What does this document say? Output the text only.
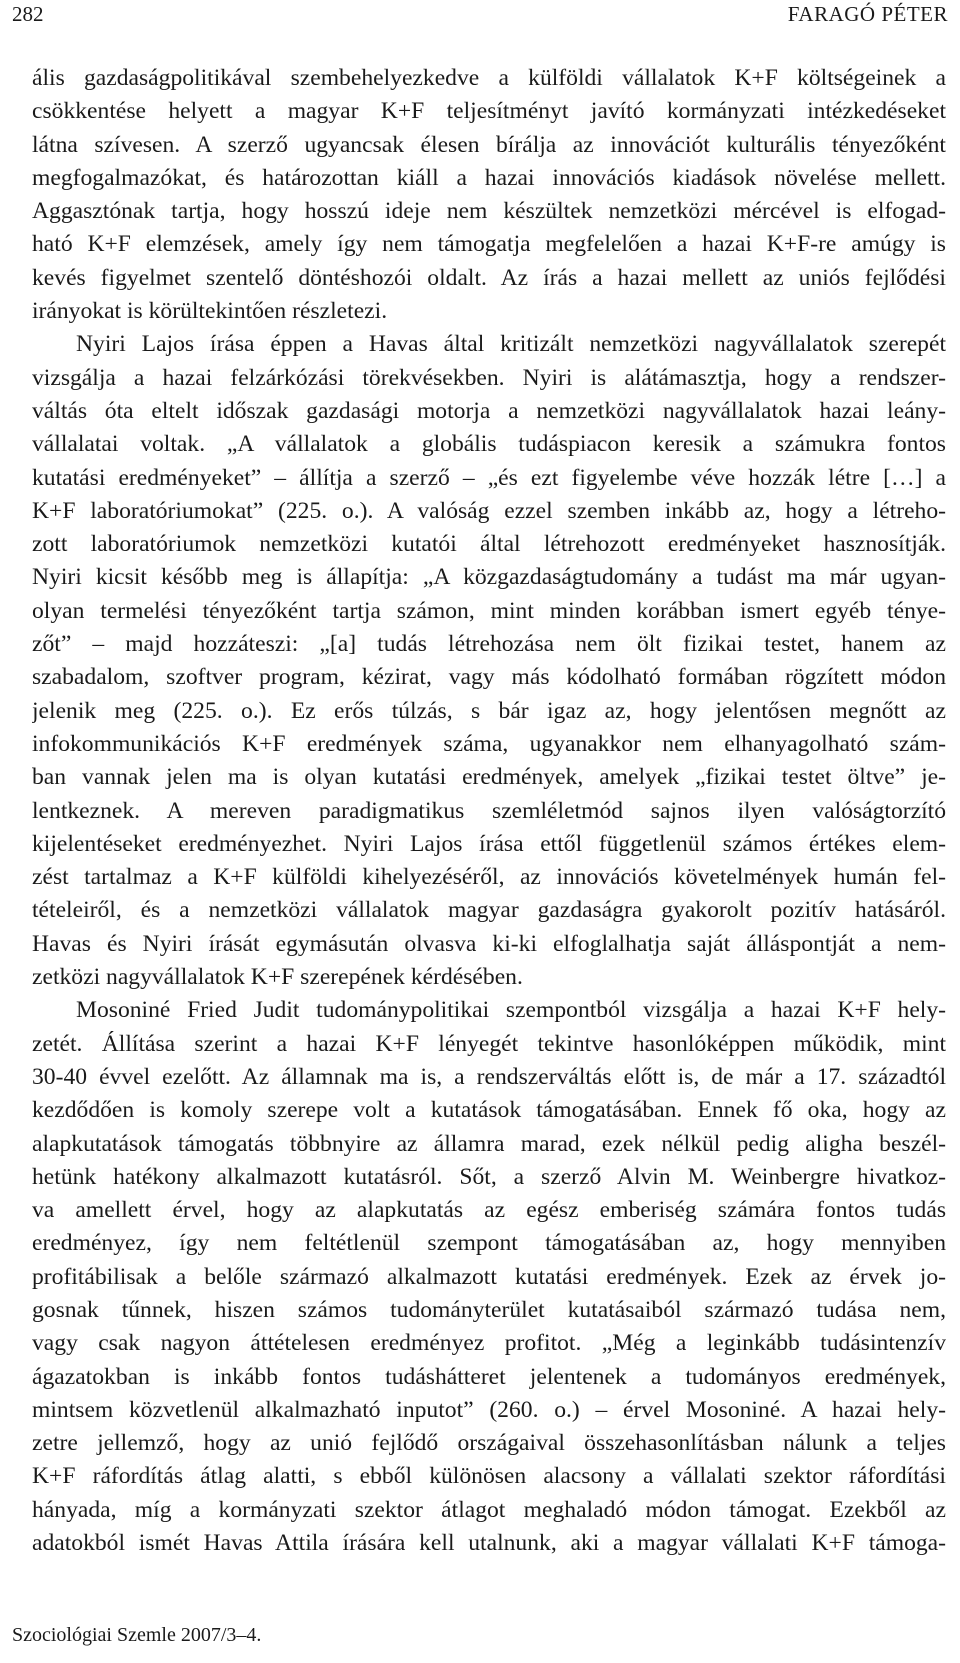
282	FARAGÓ PÉTER
ális gazdaságpolitikával szembehelyezkedve a külföldi vállalatok K+F költségeinek a
csökkentése helyett a magyar K+F teljesítményt javító kormányzati intézkedéseket
látna szívesen. A szerző ugyancsak élesen bírálja az innovációt kulturális tényezőként
megfogalmazókat, és határozottan kiáll a hazai innovációs kiadások növelése mellett.
Aggasztónak tartja, hogy hosszú ideje nem készültek nemzetközi mércével is elfogad-
ható K+F elemzések, amely így nem támogatja megfelelően a hazai K+F-re amúgy is
kevés figyelmet szentelő döntéshozói oldalt. Az írás a hazai mellett az uniós fejlődési
irányokat is körültekintően részletezi.
Nyiri Lajos írása éppen a Havas által kritizált nemzetközi nagyvállalatok szerepét
vizsgálja a hazai felzárkózási törekvésekben. Nyiri is alátámasztja, hogy a rendszer-
váltás óta eltelt időszak gazdasági motorja a nemzetközi nagyvállalatok hazai leány-
vállalatai voltak. „A vállalatok a globális tudáspiacon keresik a számukra fontos
kutatási eredményeket” – állítja a szerző – „és ezt figyelembe véve hozzák létre […] a
K+F laboratóriumokat” (225. o.). A valóság ezzel szemben inkább az, hogy a létreho-
zott laboratóriumok nemzetközi kutatói által létrehozott eredményeket hasznosítják.
Nyiri kicsit később meg is állapítja: „A közgazdaságtudomány a tudást ma már ugyan-
olyan termelési tényezőként tartja számon, mint minden korábban ismert egyéb ténye-
zőt” – majd hozzáteszi: „[a] tudás létrehozása nem ölt fizikai testet, hanem az
szabadalom, szoftver program, kézirat, vagy más kódolható formában rögzített módon
jelenik meg (225. o.). Ez erős túlzás, s bár igaz az, hogy jelentősen megnőtt az
infokommunikációs K+F eredmények száma, ugyanakkor nem elhanyagolható szám-
ban vannak jelen ma is olyan kutatási eredmények, amelyek „fizikai testet öltve” je-
lentkeznek. A mereven paradigmatikus szemléletmód sajnos ilyen valóságtorzító
kijelentéseket eredményezhet. Nyiri Lajos írása ettől függetlenül számos értékes elem-
zést tartalmaz a K+F külföldi kihelyezéséről, az innovációs követelmények humán fel-
tételeiről, és a nemzetközi vállalatok magyar gazdaságra gyakorolt pozitív hatásáról.
Havas és Nyiri írását egymásután olvasva ki-ki elfoglalhatja saját álláspontját a nem-
zetközi nagyvállalatok K+F szerepének kérdésében.
Mosoniné Fried Judit tudománypolitikai szempontból vizsgálja a hazai K+F hely-
zetét. Állítása szerint a hazai K+F lényegét tekintve hasonlóképpen működik, mint
30-40 évvel ezelőtt. Az államnak ma is, a rendszerváltás előtt is, de már a 17. századtól
kezdődően is komoly szerepe volt a kutatások támogatásában. Ennek fő oka, hogy az
alapkutatások támogatás többnyire az államra marad, ezek nélkül pedig aligha beszél-
hetünk hatékony alkalmazott kutatásról. Sőt, a szerző Alvin M. Weinbergre hivatkoz-
va amellett érvel, hogy az alapkutatás az egész emberiség számára fontos tudás
eredményez, így nem feltétlenül szempont támogatásában az, hogy mennyiben
profitábilisak a belőle származó alkalmazott kutatási eredmények. Ezek az érvek jo-
gosnak tűnnek, hiszen számos tudományterület kutatásaiból származó tudása nem,
vagy csak nagyon áttételesen eredményez profitot. „Még a leginkább tudásintenzív
ágazatokban is inkább fontos tudáshátteret jelentenek a tudományos eredmények,
mintsem közvetlenül alkalmazható inputot” (260. o.) – érvel Mosoniné. A hazai hely-
zetre jellemző, hogy az unió fejlődő országaival összehasonlításban nálunk a teljes
K+F ráfordítás átlag alatti, s ebből különösen alacsony a vállalati szektor ráfordítási
hányada, míg a kormányzati szektor átlagot meghaladó módon támogat. Ezekből az
adatokból ismét Havas Attila írására kell utalnunk, aki a magyar vállalati K+F támoga-
Szociológiai Szemle 2007/3–4.
